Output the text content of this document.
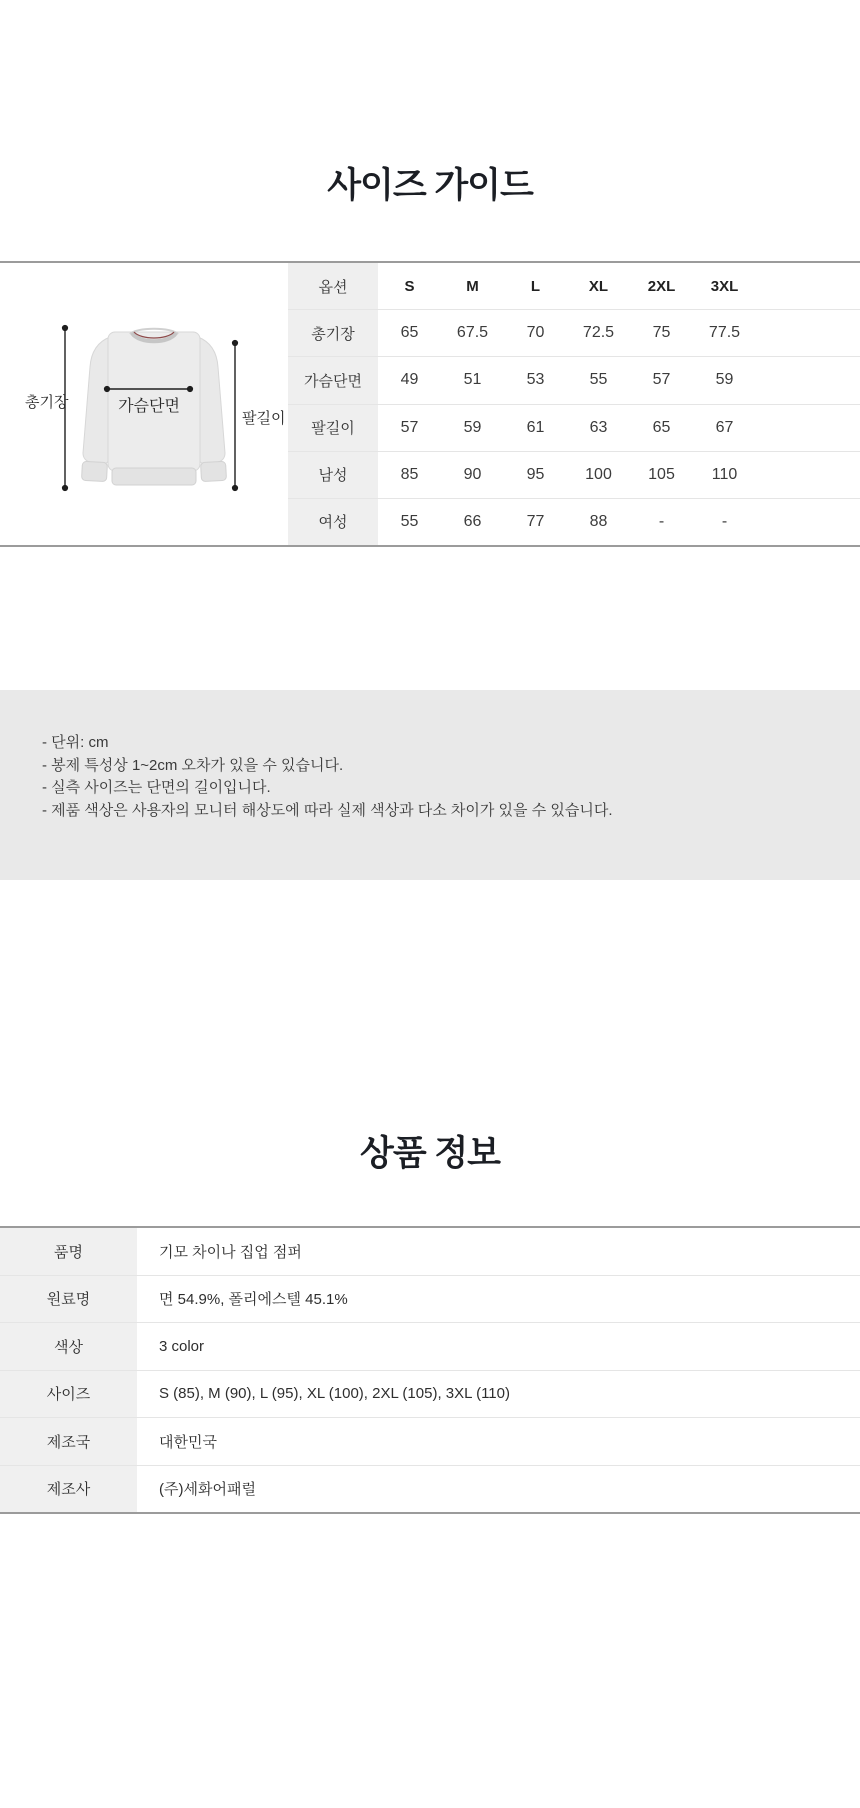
사이즈 가이드
총기장	가슴단면
팔길이
옵션	S	M	L	XL	2XL	3XL
총기장	65	67.5	70	72.5	75	77.5
가슴단면	49	51	53	55	57	59
팔길이	57	59	61	63	65	67
남성	85	90	95	100	105	110
여성	55	66	77	88	-	-
- 단위: cm
- 봉제 특성상 1~2cm 오차가 있을 수 있습니다.
- 실측 사이즈는 단면의 길이입니다.
- 제품 색상은 사용자의 모니터 해상도에 따라 실제 색상과 다소 차이가 있을 수 있습니다.
상품 정보
품명	기모 차이나 집업 점퍼
원료명	면 54.9%, 폴리에스텔 45.1%
색상	3 color
사이즈	S (85), M (90), L (95), XL (100), 2XL (105), 3XL (110)
제조국	대한민국
제조사	(주)세화어패럴
